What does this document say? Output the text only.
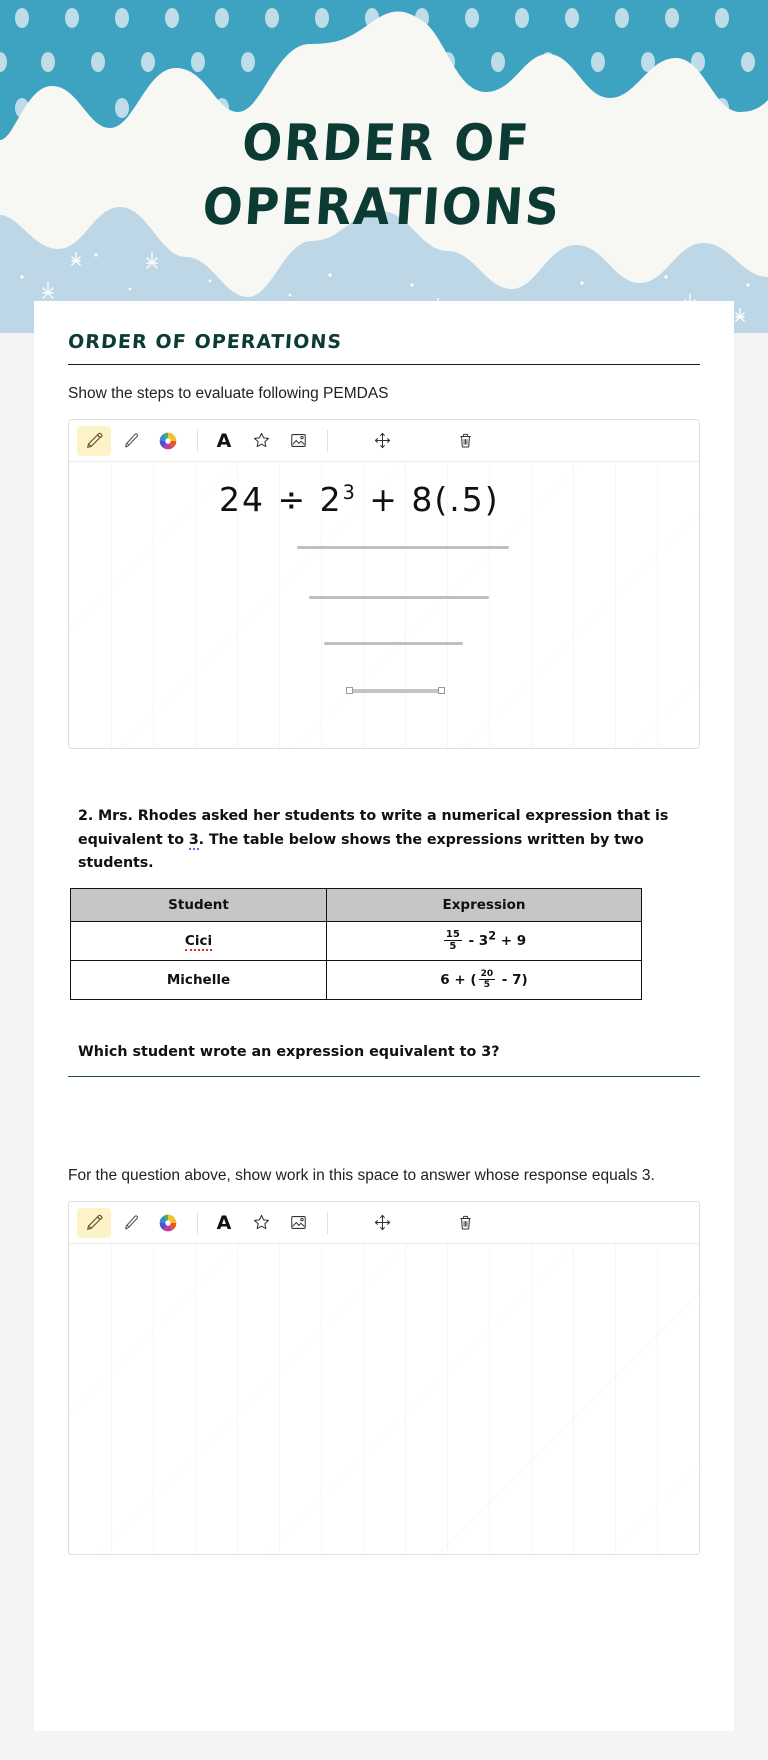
ORDER OF
OPERATIONS
ORDER OF OPERATIONS
Show the steps to evaluate following PEMDAS
A
$24 \div 2^3 + 8(.5)$
2. Mrs. Rhodes asked her students to write a numerical expression that is
equivalent to 3. The table below shows the expressions written by two students.
Student	Expression
Cici	$\frac{15}{5} - 3^2 + 9$
Michelle	6 + ( $\frac{20}{5} - 7$)
Which student wrote an expression equivalent to 3?
For the question above, show work in this space to answer whose response equals 3.
A
